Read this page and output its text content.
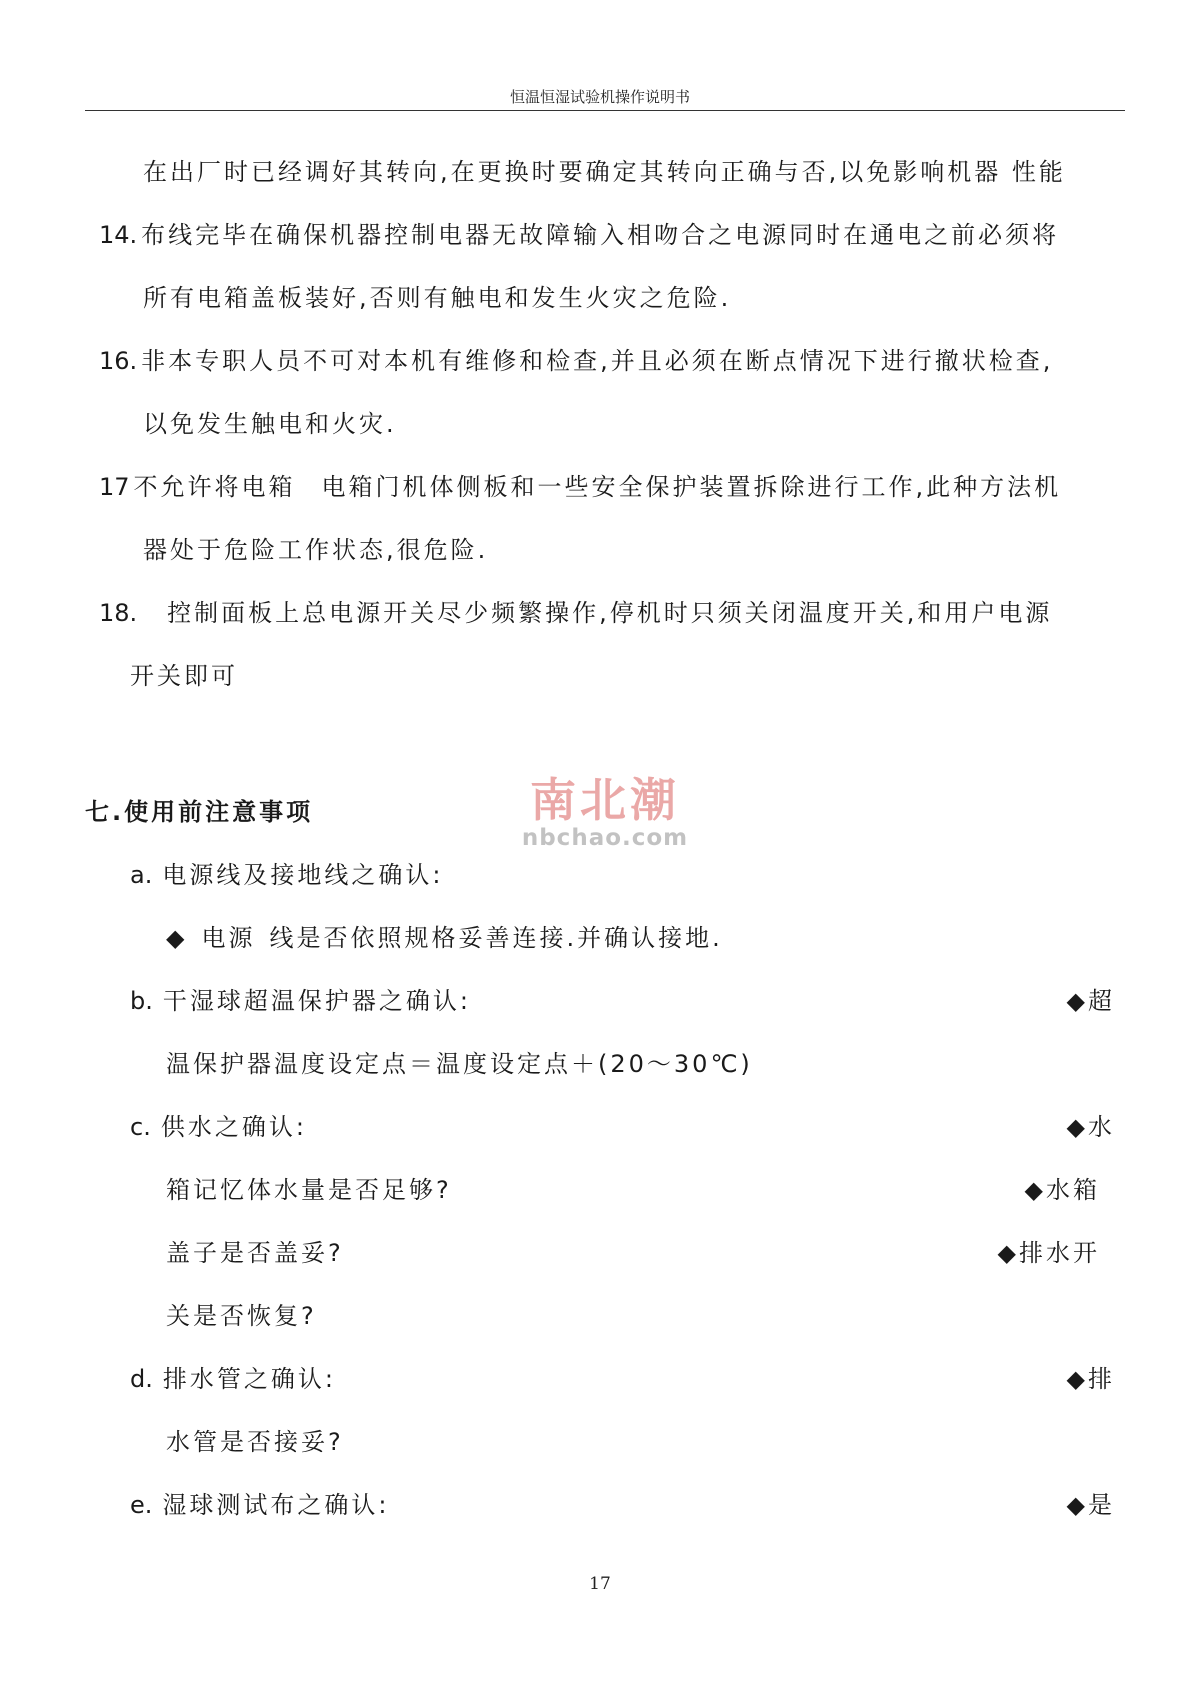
恒温恒湿试验机操作说明书
在出厂时已经调好其转向,在更换时要确定其转向正确与否,以免影响机器 性能
14. 布线完毕在确保机器控制电器无故障输入相吻合之电源同时在通电之前必须将
所有电箱盖板装好,否则有触电和发生火灾之危险.
16. 非本专职人员不可对本机有维修和检查,并且必须在断点情况下进行撤状检查,
以免发生触电和火灾.
17 不允许将电箱 电箱门机体侧板和一些安全保护装置拆除进行工作,此种方法机
器处于危险工作状态,很危险.
18. 控制面板上总电源开关尽少频繁操作,停机时只须关闭温度开关,和用户电源
开关即可
七.使用前注意事项	南北潮
nbchao.com
a. 电源线及接地线之确认:
◆ 电源 线是否依照规格妥善连接.并确认接地.
b. 干湿球超温保护器之确认:	◆超
温保护器温度设定点＝温度设定点＋(20～30℃)
c. 供水之确认:	◆水
箱记忆体水量是否足够?	◆水箱
盖子是否盖妥?	◆排水开
关是否恢复?
d. 排水管之确认:	◆排
水管是否接妥?
e. 湿球测试布之确认:	◆是
17
